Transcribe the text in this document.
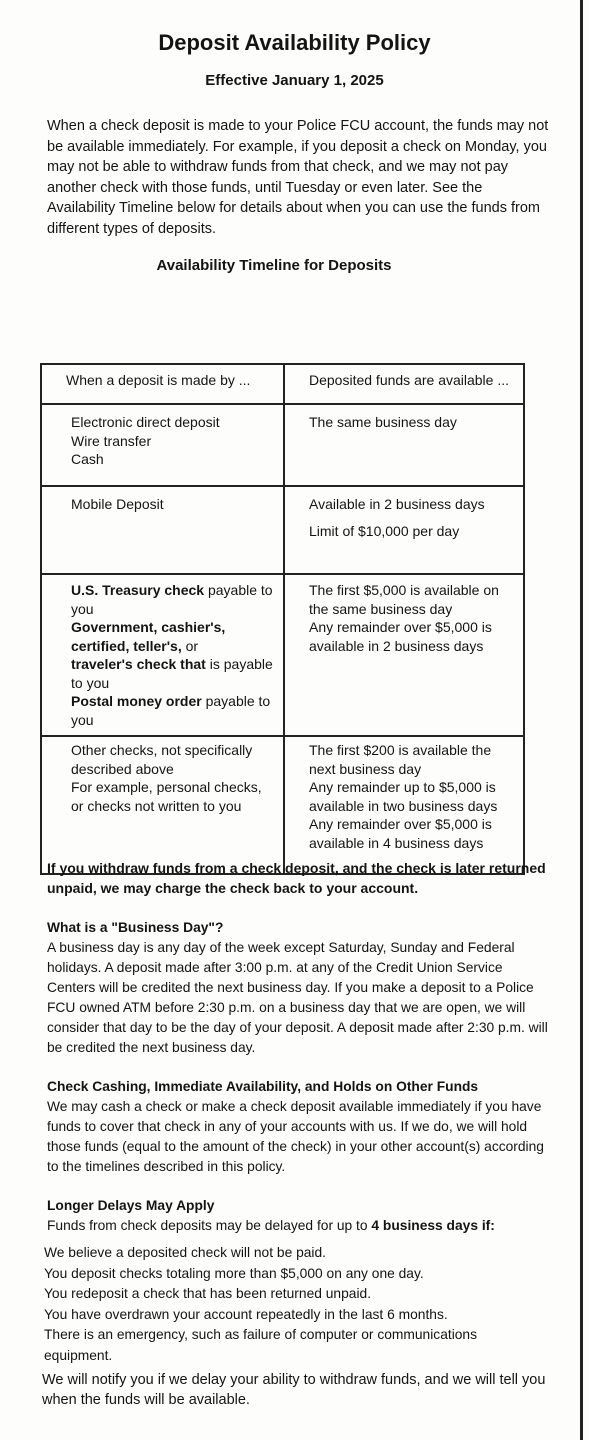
Deposit Availability Policy
Effective January 1, 2025
When a check deposit is made to your Police FCU account, the funds may not be available immediately. For example, if you deposit a check on Monday, you may not be able to withdraw funds from that check, and we may not pay another check with those funds, until Tuesday or even later. See the Availability Timeline below for details about when you can use the funds from different types of deposits.
Availability Timeline for Deposits
When a deposit is made by ...	Deposited funds are available ...

Electronic direct deposit
Wire transfer
Cash	The same business day

Mobile Deposit	Available in 2 business days
Limit of $10,000 per day

U.S. Treasury check payable to you
Government, cashier's, certified, teller's, or
traveler's check that is payable to you
Postal money order payable to you	The first $5,000 is available on the same business day
Any remainder over $5,000 is available in 2 business days

Other checks, not specifically described above
For example, personal checks, or checks not written to you	The first $200 is available the next business day
Any remainder up to $5,000 is available in two business days
Any remainder over $5,000 is available in 4 business days
If you withdraw funds from a check deposit, and the check is later returned unpaid, we may charge the check back to your account.
What is a "Business Day"?
A business day is any day of the week except Saturday, Sunday and Federal holidays. A deposit made after 3:00 p.m. at any of the Credit Union Service Centers will be credited the next business day. If you make a deposit to a Police FCU owned ATM before 2:30 p.m. on a business day that we are open, we will consider that day to be the day of your deposit. A deposit made after 2:30 p.m. will be credited the next business day.
Check Cashing, Immediate Availability, and Holds on Other Funds
We may cash a check or make a check deposit available immediately if you have funds to cover that check in any of your accounts with us. If we do, we will hold those funds (equal to the amount of the check) in your other account(s) according to the timelines described in this policy.
Longer Delays May Apply
Funds from check deposits may be delayed for up to 4 business days if:
We believe a deposited check will not be paid.
You deposit checks totaling more than $5,000 on any one day.
You redeposit a check that has been returned unpaid.
You have overdrawn your account repeatedly in the last 6 months.
There is an emergency, such as failure of computer or communications equipment.
We will notify you if we delay your ability to withdraw funds, and we will tell you when the funds will be available.
